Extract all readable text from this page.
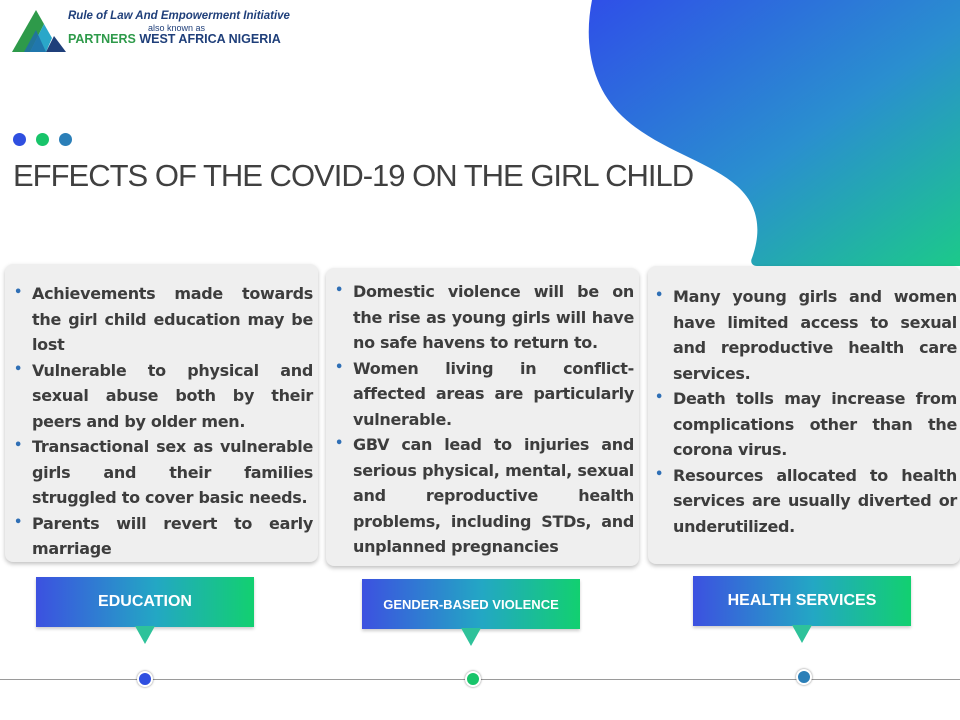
Rule of Law And Empowerment Initiative
also known as
PARTNERS WEST AFRICA NIGERIA
EFFECTS OF THE COVID-19 ON THE GIRL CHILD
• Achievements made towards the girl child education may be lost
• Vulnerable to physical and sexual abuse both by their peers and by older men.
• Transactional sex as vulnerable girls and their families struggled to cover basic needs.
• Parents will revert to early marriage
• Domestic violence will be on the rise as young girls will have no safe havens to return to.
• Women living in conflict-affected areas are particularly vulnerable.
• GBV can lead to injuries and serious physical, mental, sexual and reproductive health problems, including STDs, and unplanned pregnancies
• Many young girls and women have limited access to sexual and reproductive health care services.
• Death tolls may increase from complications other than the corona virus.
• Resources allocated to health services are usually diverted or underutilized.
EDUCATION	GENDER-BASED VIOLENCE	HEALTH SERVICES
